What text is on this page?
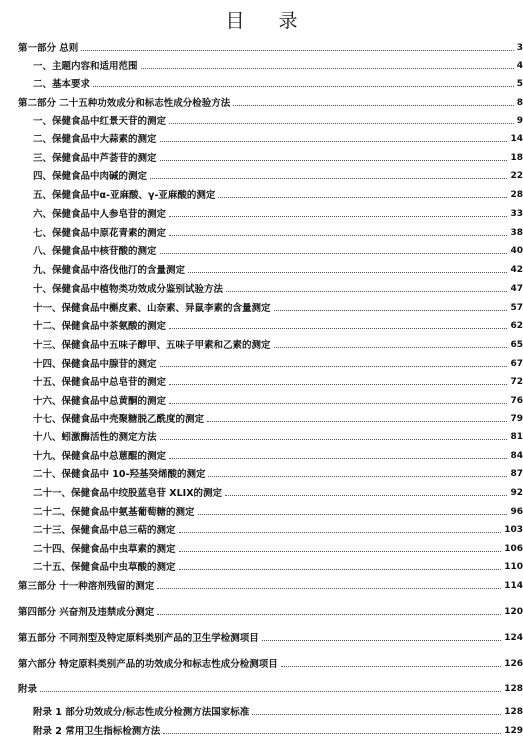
目 录
第一部分 总则	3
一、主题内容和适用范围	4
二、基本要求	5
第二部分 二十五种功效成分和标志性成分检验方法	8
一、保健食品中红景天苷的测定	9
二、保健食品中大蒜素的测定	14
三、保健食品中芦荟苷的测定	18
四、保健食品中肉碱的测定	22
五、保健食品中α-亚麻酸、γ-亚麻酸的测定	28
六、保健食品中人参皂苷的测定	33
七、保健食品中原花青素的测定	38
八、保健食品中核苷酸的测定	40
九、保健食品中洛伐他汀的含量测定	42
十、保健食品中植物类功效成分鉴别试验方法	47
十一、保健食品中槲皮素、山奈素、异鼠李素的含量测定	57
十二、保健食品中茶氨酸的测定	62
十三、保健食品中五味子醇甲、五味子甲素和乙素的测定	65
十四、保健食品中腺苷的测定	67
十五、保健食品中总皂苷的测定	72
十六、保健食品中总黄酮的测定	76
十七、保健食品中壳聚糖脱乙酰度的测定	79
十八、蚓激酶活性的测定方法	81
十九、保健食品中总蒽醌的测定	84
二十、保健食品中 10-羟基癸烯酸的测定	87
二十一、保健食品中绞股蓝皂苷 XLIX的测定	92
二十二、保健食品中氨基葡萄糖的测定	96
二十三、保健食品中总三萜的测定	103
二十四、保健食品中虫草素的测定	106
二十五、保健食品中虫草酸的测定	110
第三部分 十一种溶剂残留的测定	114
第四部分 兴奋剂及违禁成分测定	120
第五部分 不同剂型及特定原料类别产品的卫生学检测项目	124
第六部分 特定原料类别产品的功效成分和标志性成分检测项目	126
附录	128
附录 1 部分功效成分/标志性成分检测方法国家标准	128
附录 2 常用卫生指标检测方法	129
